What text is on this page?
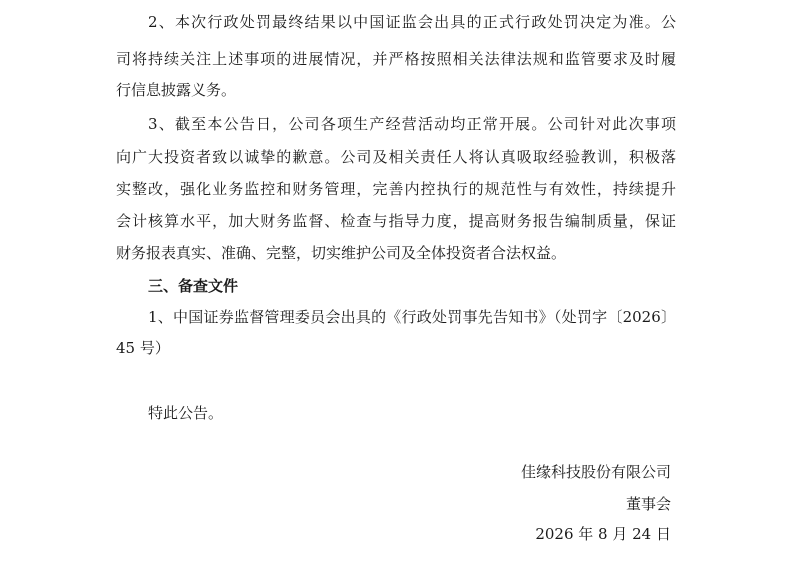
2、本次行政处罚最终结果以中国证监会出具的正式行政处罚决定为准。公
司将持续关注上述事项的进展情况，并严格按照相关法律法规和监管要求及时履
行信息披露义务。
3、截至本公告日，公司各项生产经营活动均正常开展。公司针对此次事项
向广大投资者致以诚挚的歉意。公司及相关责任人将认真吸取经验教训，积极落
实整改，强化业务监控和财务管理，完善内控执行的规范性与有效性，持续提升
会计核算水平，加大财务监督、检查与指导力度，提高财务报告编制质量，保证
财务报表真实、准确、完整，切实维护公司及全体投资者合法权益。
三、备查文件
1、中国证券监督管理委员会出具的《行政处罚事先告知书》（处罚字〔2026〕
45 号）
特此公告。
佳缘科技股份有限公司
董事会
2026 年 8 月 24 日
